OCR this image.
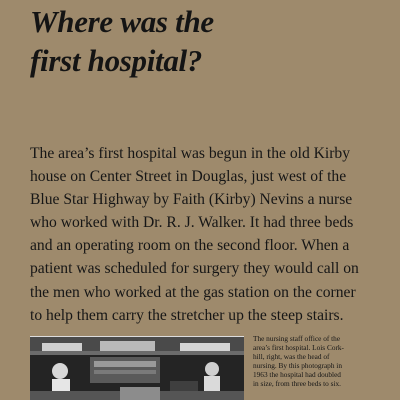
Where was the
first hospital?

The area’s first hospital was begun in the old Kirby
house on Center Street in Douglas, just west of the
Blue Star Highway by Faith (Kirby) Nevins a nurse
who worked with Dr. R. J. Walker. It had three beds
and an operating room on the second floor. When a
patient was scheduled for surgery they would call on
the men who worked at the gas station on the corner
to help them carry the stretcher up the steep stairs.

The nursing staff office of the
area’s first hospital. Lois Cork-
hill, right, was the head of
nursing. By this photograph in
1963 the hospital had doubled
in size, from three beds to six.
